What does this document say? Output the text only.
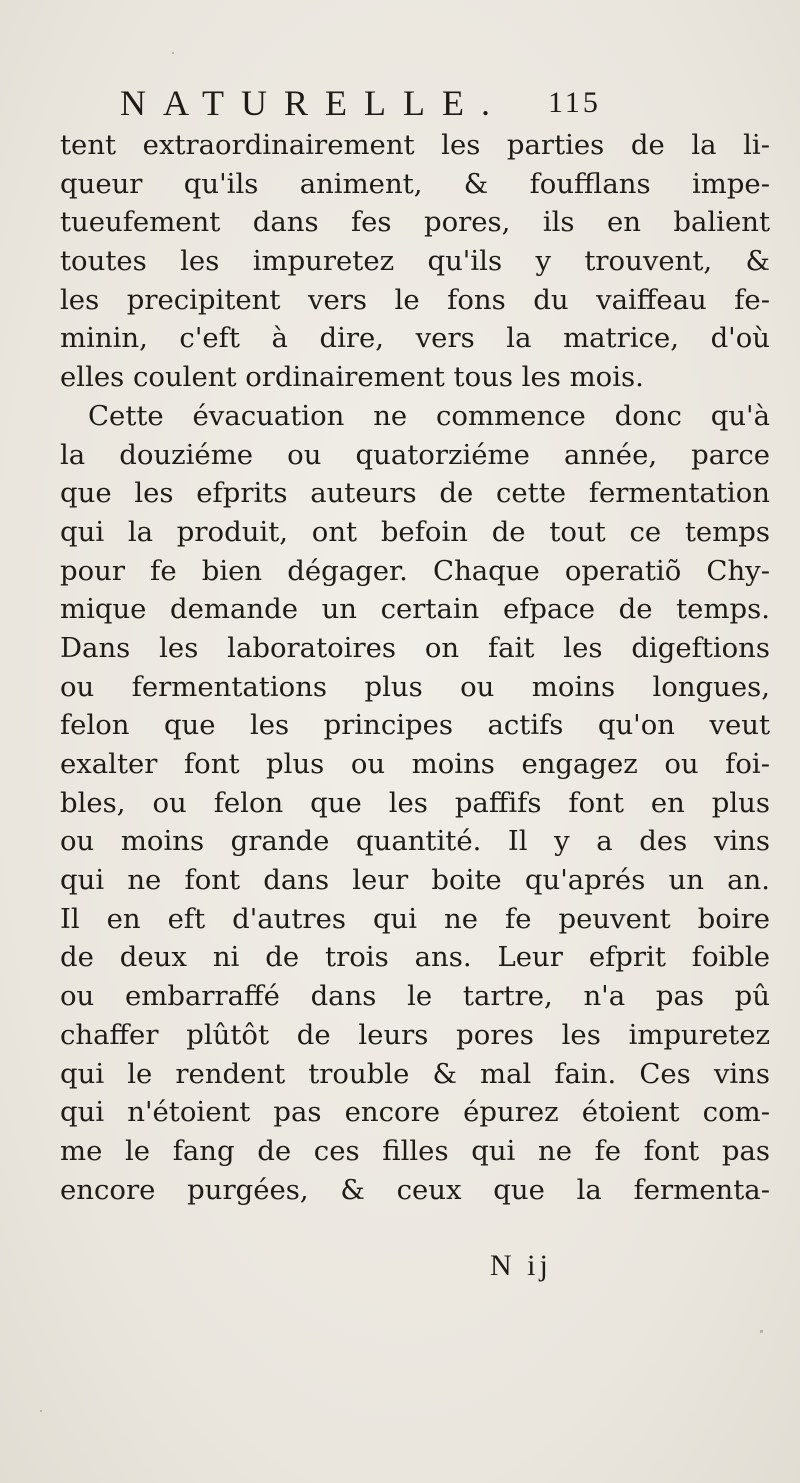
NATURELLE. 115
tent extraordinairement les parties de la li-
queur qu'ils animent, & foufflans impe-
tueufement dans fes pores, ils en balient
toutes les impuretez qu'ils y trouvent, &
les precipitent vers le fons du vaiffeau fe-
minin, c'eft à dire, vers la matrice, d'où
elles coulent ordinairement tous les mois.
Cette évacuation ne commence donc qu'à
la douziéme ou quatorziéme année, parce
que les efprits auteurs de cette fermentation
qui la produit, ont befoin de tout ce temps
pour fe bien dégager. Chaque operatiõ Chy-
mique demande un certain efpace de temps.
Dans les laboratoires on fait les digeftions
ou fermentations plus ou moins longues,
felon que les principes actifs qu'on veut
exalter font plus ou moins engagez ou foi-
bles, ou felon que les paffifs font en plus
ou moins grande quantité. Il y a des vins
qui ne font dans leur boite qu'aprés un an.
Il en eft d'autres qui ne fe peuvent boire
de deux ni de trois ans. Leur efprit foible
ou embarraffé dans le tartre, n'a pas pû
chaffer plûtôt de leurs pores les impuretez
qui le rendent trouble & mal fain. Ces vins
qui n'étoient pas encore épurez étoient com-
me le fang de ces filles qui ne fe font pas
encore purgées, & ceux que la fermenta-
N ij
